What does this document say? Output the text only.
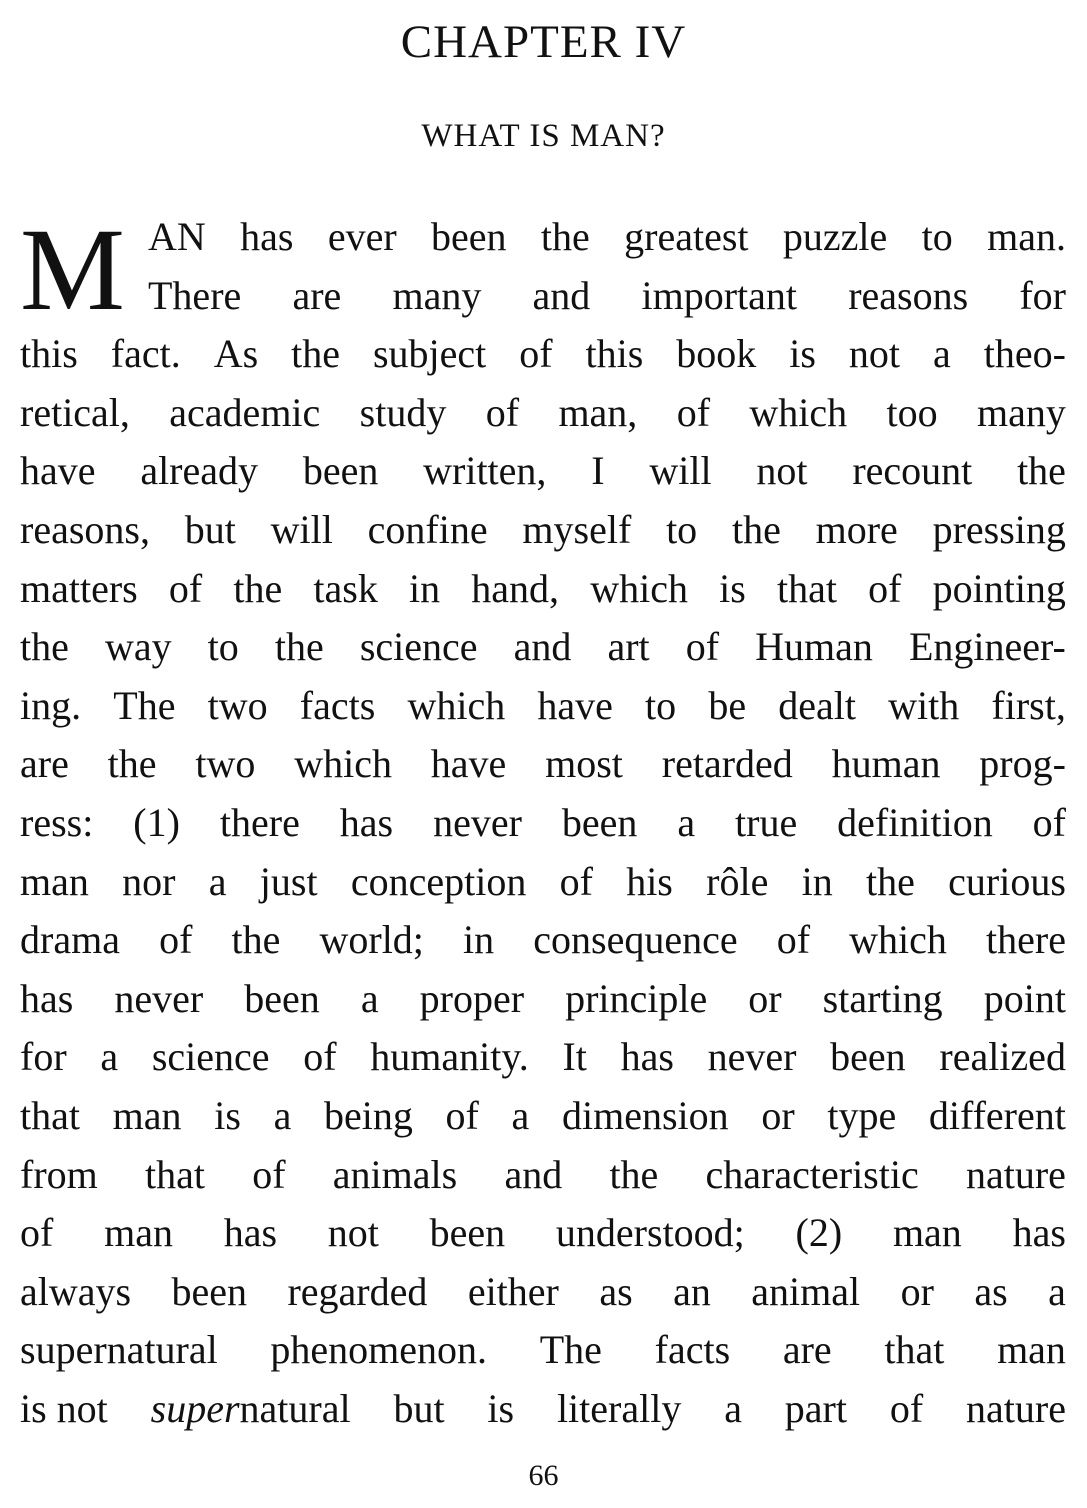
CHAPTER IV
WHAT IS MAN?
M AN has ever been the greatest puzzle to man.
There are many and important reasons for
this fact. As the subject of this book is not a theo-
retical, academic study of man, of which too many
have already been written, I will not recount the
reasons, but will confine myself to the more pressing
matters of the task in hand, which is that of pointing
the way to the science and art of Human Engineer-
ing. The two facts which have to be dealt with first,
are the two which have most retarded human prog-
ress: (1) there has never been a true definition of
man nor a just conception of his rôle in the curious
drama of the world; in consequence of which there
has never been a proper principle or starting point
for a science of humanity. It has never been realized
that man is a being of a dimension or type different
from that of animals and the characteristic nature
of man has not been understood; (2) man has
always been regarded either as an animal or as a
supernatural phenomenon. The facts are that man
is not supernatural but is literally a part of nature
66
